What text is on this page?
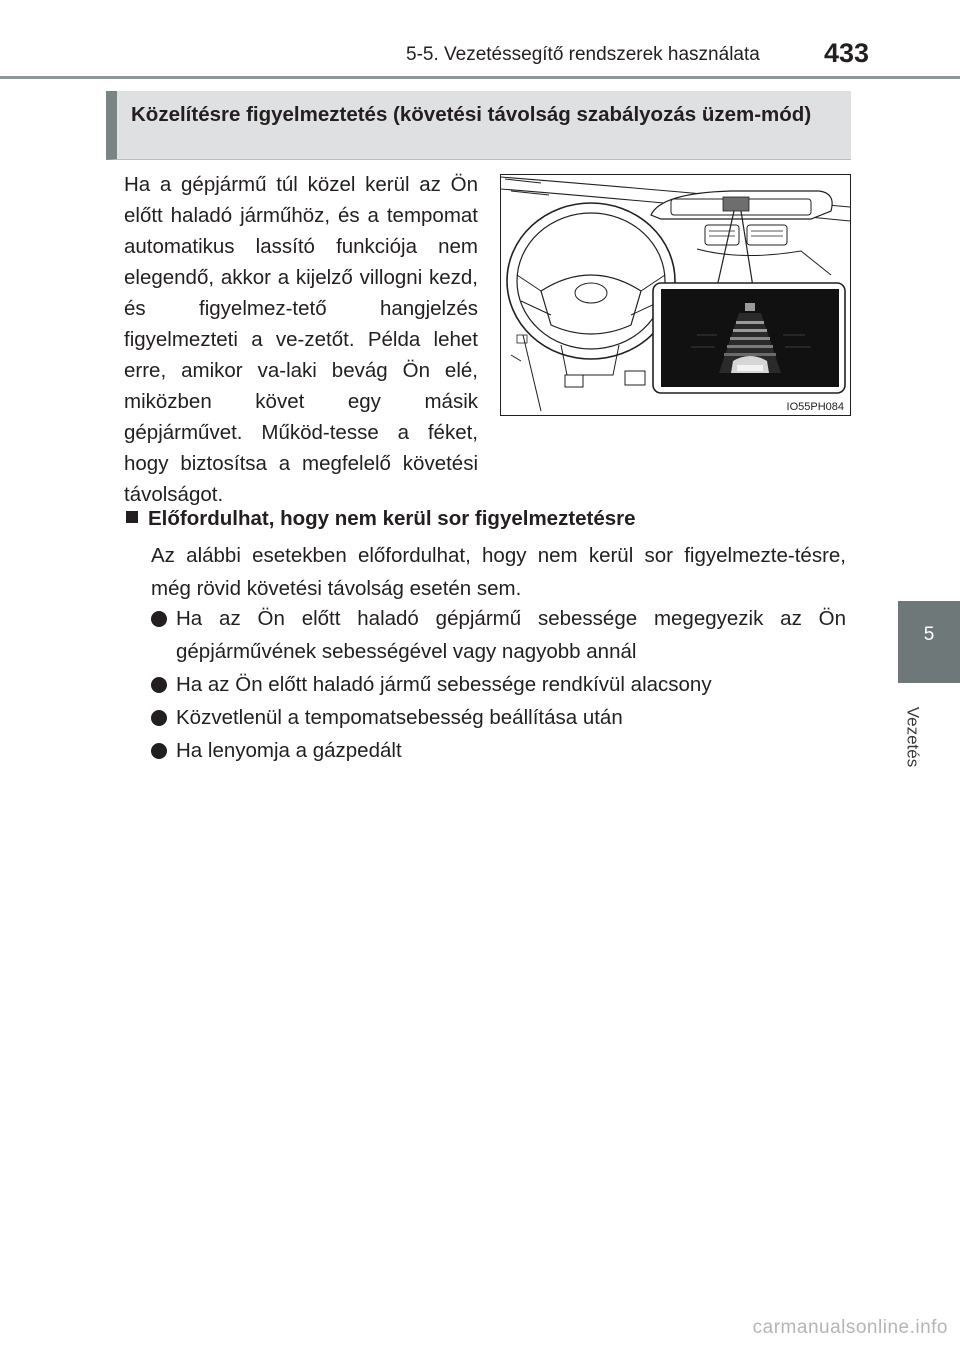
5-5. Vezetéssegítő rendszerek használata 433
5
Vezetés
Közelítésre figyelmeztetés (követési távolság szabályozás üzem-mód)
Ha a gépjármű túl közel kerül az Ön előtt haladó járműhöz, és a tempomat automatikus lassító funkciója nem elegendő, akkor a kijelző villogni kezd, és figyelmez-tető hangjelzés figyelmezteti a ve-zetőt. Példa lehet erre, amikor va-laki bevág Ön elé, miközben követ egy másik gépjárművet. Működ-tesse a féket, hogy biztosítsa a megfelelő követési távolságot.
IO55PH084
Előfordulhat, hogy nem kerül sor figyelmeztetésre
Az alábbi esetekben előfordulhat, hogy nem kerül sor figyelmezte-tésre, még rövid követési távolság esetén sem.
Ha az Ön előtt haladó gépjármű sebessége megegyezik az Ön gépjárművének sebességével vagy nagyobb annál
Ha az Ön előtt haladó jármű sebessége rendkívül alacsony
Közvetlenül a tempomatsebesség beállítása után
Ha lenyomja a gázpedált
carmanualsonline.info
